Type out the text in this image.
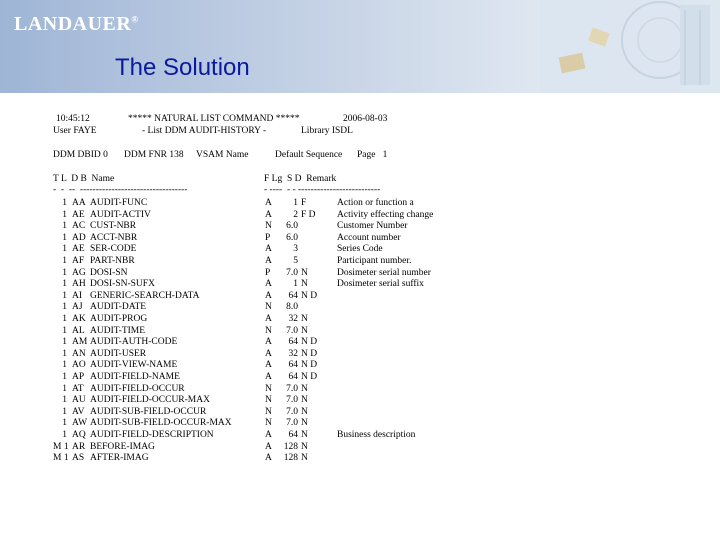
LANDAUER®
The Solution
10:45:12	***** NATURAL LIST COMMAND *****	2006-08-03
User FAYE	- List DDM AUDIT-HISTORY -	Library ISDL
DDM DBID 0 DDM FNR 138 VSAM Name	Default Sequence Page   1
T L  D B  Name
-  -  --  ----------------------------------
F Lg  S D  Remark
- ----  - - --------------------------
1 AA AUDIT-FUNC	A	1 F	Action or function a
1 AE AUDIT-ACTIV	A	2 F D	Activity effecting change
1 AC CUST-NBR	N	6.0	Customer Number
1 AD ACCT-NBR	P	6.0	Account number
1 AE SER-CODE	A	3	Series Code
1 AF PART-NBR	A	5	Participant number.
1 AG DOSI-SN	P	7.0 N	Dosimeter serial number
1 AH DOSI-SN-SUFX	A	1 N	Dosimeter serial suffix
1 AI GENERIC-SEARCH-DATA	A	64 N D
1 AJ AUDIT-DATE	N	8.0
1 AK AUDIT-PROG	A	32 N
1 AL AUDIT-TIME	N	7.0 N
1 AM AUDIT-AUTH-CODE	A	64 N D
1 AN AUDIT-USER	A	32 N D
1 AO AUDIT-VIEW-NAME	A	64 N D
1 AP AUDIT-FIELD-NAME	A	64 N D
1 AT AUDIT-FIELD-OCCUR	N	7.0 N
1 AU AUDIT-FIELD-OCCUR-MAX	N	7.0 N
1 AV AUDIT-SUB-FIELD-OCCUR	N	7.0 N
1 AW AUDIT-SUB-FIELD-OCCUR-MAX	N	7.0 N
1 AQ AUDIT-FIELD-DESCRIPTION	A	64 N	Business description
M 1 AR BEFORE-IMAG	A	128 N
M 1 AS AFTER-IMAG	A	128 N
